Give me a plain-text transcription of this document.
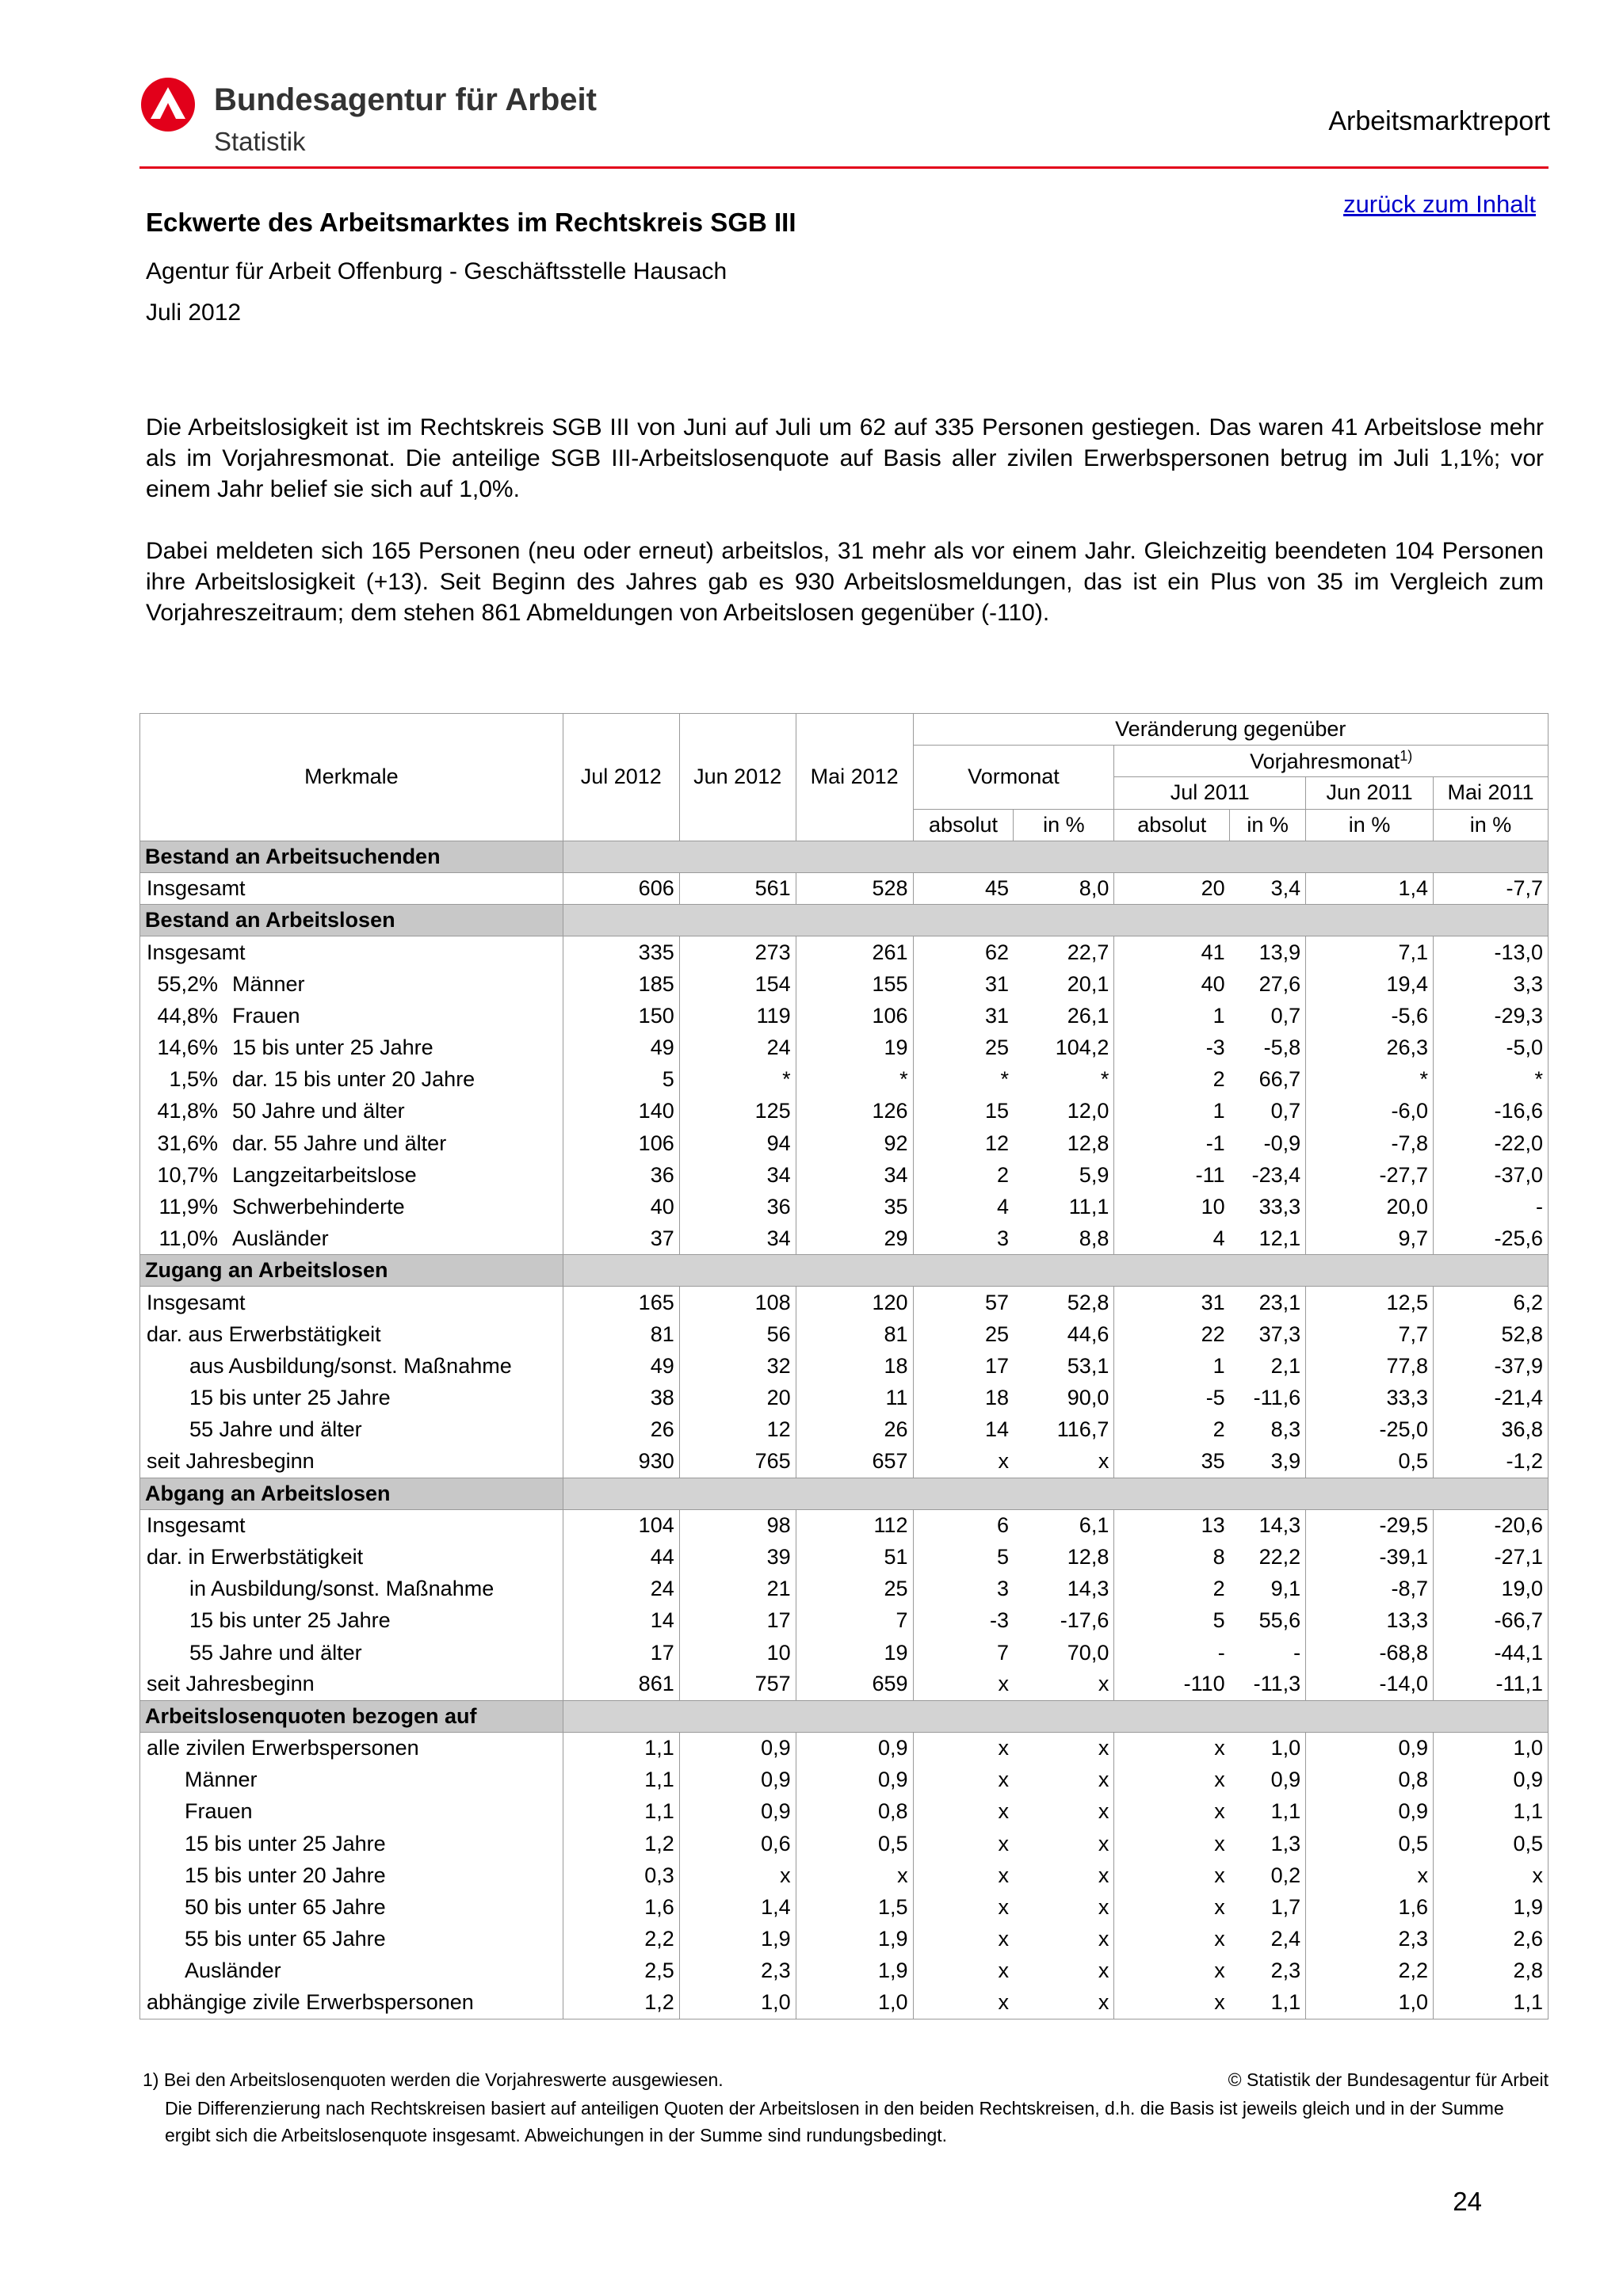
Bundesagentur für Arbeit
Statistik
Arbeitsmarktreport
zurück zum Inhalt
Eckwerte des Arbeitsmarktes im Rechtskreis SGB III
Agentur für Arbeit Offenburg - Geschäftsstelle Hausach
Juli 2012

Die Arbeitslosigkeit ist im Rechtskreis SGB III von Juni auf Juli um 62 auf 335 Personen gestiegen. Das waren 41 Arbeitslose mehr als im Vorjahresmonat. Die anteilige SGB III-Arbeitslosenquote auf Basis aller zivilen Erwerbspersonen betrug im Juli 1,1%; vor einem Jahr belief sie sich auf 1,0%.

Dabei meldeten sich 165 Personen (neu oder erneut) arbeitslos, 31 mehr als vor einem Jahr. Gleichzeitig beendeten 104 Personen ihre Arbeitslosigkeit (+13). Seit Beginn des Jahres gab es 930 Arbeitslosmeldungen, das ist ein Plus von 35 im Vergleich zum Vorjahreszeitraum; dem stehen 861 Abmeldungen von Arbeitslosen gegenüber (-110).

Merkmale	Jul 2012	Jun 2012	Mai 2012	Veränderung gegenüber					
				Vormonat		Vorjahresmonat$^{1)}$
						Jul 2011		Jun 2011	Mai 2011
				absolut	in %	absolut	in %	in %	in %
Bestand an Arbeitsuchenden									
Insgesamt	606	561	528	45	8,0	20	3,4	1,4	-7,7
Bestand an Arbeitslosen									
Insgesamt	335	273	261	62	22,7	41	13,9	7,1	-13,0
55,2% Männer	185	154	155	31	20,1	40	27,6	19,4	3,3
44,8% Frauen	150	119	106	31	26,1	1	0,7	-5,6	-29,3
14,6% 15 bis unter 25 Jahre	49	24	19	25	104,2	-3	-5,8	26,3	-5,0
1,5% dar. 15 bis unter 20 Jahre	5	*	*	*	*	2	66,7	*	*
41,8% 50 Jahre und älter	140	125	126	15	12,0	1	0,7	-6,0	-16,6
31,6% dar. 55 Jahre und älter	106	94	92	12	12,8	-1	-0,9	-7,8	-22,0
10,7% Langzeitarbeitslose	36	34	34	2	5,9	-11	-23,4	-27,7	-37,0
11,9% Schwerbehinderte	40	36	35	4	11,1	10	33,3	20,0	-
11,0% Ausländer	37	34	29	3	8,8	4	12,1	9,7	-25,6
Zugang an Arbeitslosen									
Insgesamt	165	108	120	57	52,8	31	23,1	12,5	6,2
dar. aus Erwerbstätigkeit	81	56	81	25	44,6	22	37,3	7,7	52,8
aus Ausbildung/sonst. Maßnahme	49	32	18	17	53,1	1	2,1	77,8	-37,9
15 bis unter 25 Jahre	38	20	11	18	90,0	-5	-11,6	33,3	-21,4
55 Jahre und älter	26	12	26	14	116,7	2	8,3	-25,0	36,8
seit Jahresbeginn	930	765	657	x	x	35	3,9	0,5	-1,2
Abgang an Arbeitslosen									
Insgesamt	104	98	112	6	6,1	13	14,3	-29,5	-20,6
dar. in Erwerbstätigkeit	44	39	51	5	12,8	8	22,2	-39,1	-27,1
in Ausbildung/sonst. Maßnahme	24	21	25	3	14,3	2	9,1	-8,7	19,0
15 bis unter 25 Jahre	14	17	7	-3	-17,6	5	55,6	13,3	-66,7
55 Jahre und älter	17	10	19	7	70,0	-	-	-68,8	-44,1
seit Jahresbeginn	861	757	659	x	x	-110	-11,3	-14,0	-11,1
Arbeitslosenquoten bezogen auf									
alle zivilen Erwerbspersonen	1,1	0,9	0,9	x	x	x	1,0	0,9	1,0
Männer	1,1	0,9	0,9	x	x	x	0,9	0,8	0,9
Frauen	1,1	0,9	0,8	x	x	x	1,1	0,9	1,1
15 bis unter 25 Jahre	1,2	0,6	0,5	x	x	x	1,3	0,5	0,5
15 bis unter 20 Jahre	0,3	x	x	x	x	x	0,2	x	x
50 bis unter 65 Jahre	1,6	1,4	1,5	x	x	x	1,7	1,6	1,9
55 bis unter 65 Jahre	2,2	1,9	1,9	x	x	x	2,4	2,3	2,6
Ausländer	2,5	2,3	1,9	x	x	x	2,3	2,2	2,8
abhängige zivile Erwerbspersonen	1,2	1,0	1,0	x	x	x	1,1	1,0	1,1
1) Bei den Arbeitslosenquoten werden die Vorjahreswerte ausgewiesen.	© Statistik der Bundesagentur für Arbeit
Die Differenzierung nach Rechtskreisen basiert auf anteiligen Quoten der Arbeitslosen in den beiden Rechtskreisen, d.h. die Basis ist jeweils gleich und in der Summe ergibt sich die Arbeitslosenquote insgesamt. Abweichungen in der Summe sind rundungsbedingt.
24
